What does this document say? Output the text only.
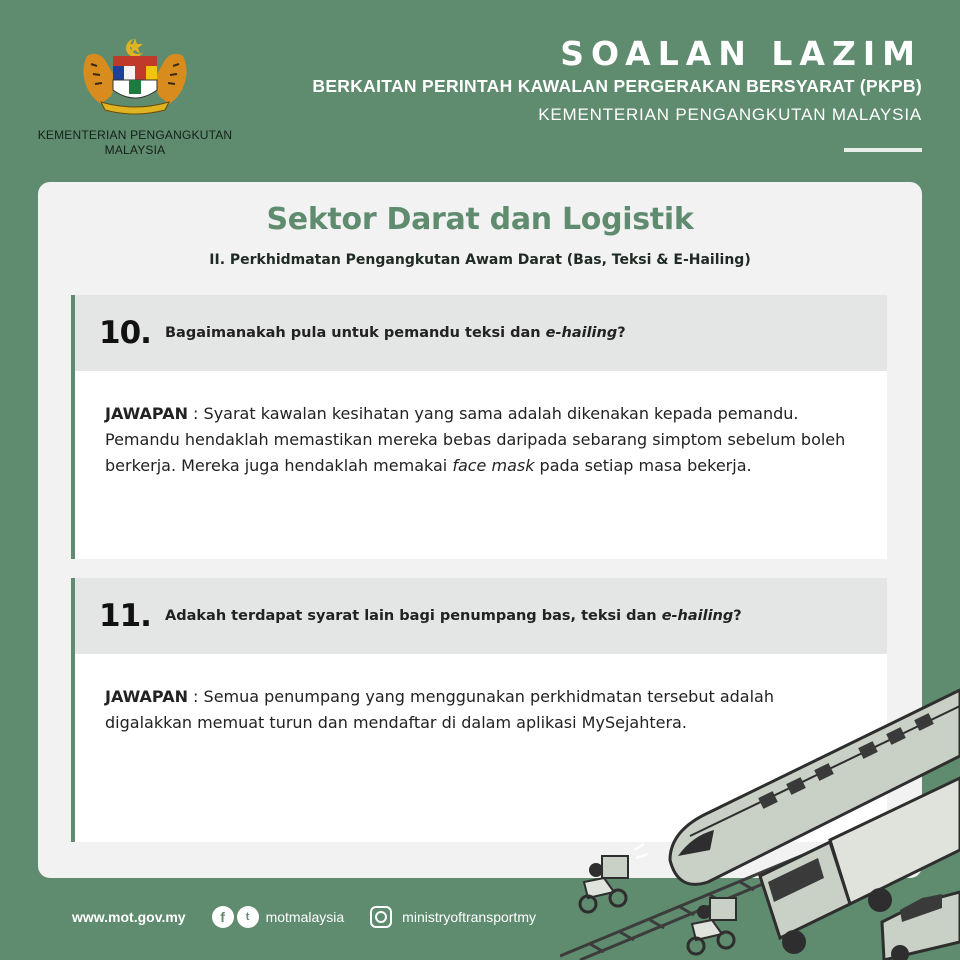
KEMENTERIAN PENGANGKUTAN
MALAYSIA
SOALAN LAZIM
BERKAITAN PERINTAH KAWALAN PERGERAKAN BERSYARAT (PKPB)
KEMENTERIAN PENGANGKUTAN MALAYSIA
Sektor Darat dan Logistik
II. Perkhidmatan Pengangkutan Awam Darat (Bas, Teksi & E-Hailing)
10. Bagaimanakah pula untuk pemandu teksi dan e-hailing?
JAWAPAN : Syarat kawalan kesihatan yang sama adalah dikenakan kepada pemandu. Pemandu hendaklah memastikan mereka bebas daripada sebarang simptom sebelum boleh berkerja. Mereka juga hendaklah memakai face mask pada setiap masa bekerja.
11. Adakah terdapat syarat lain bagi penumpang bas, teksi dan e-hailing?
JAWAPAN : Semua penumpang yang menggunakan perkhidmatan tersebut adalah digalakkan memuat turun dan mendaftar di dalam aplikasi MySejahtera.
www.mot.gov.my	f	t	motmalaysia	ministryoftransportmy
